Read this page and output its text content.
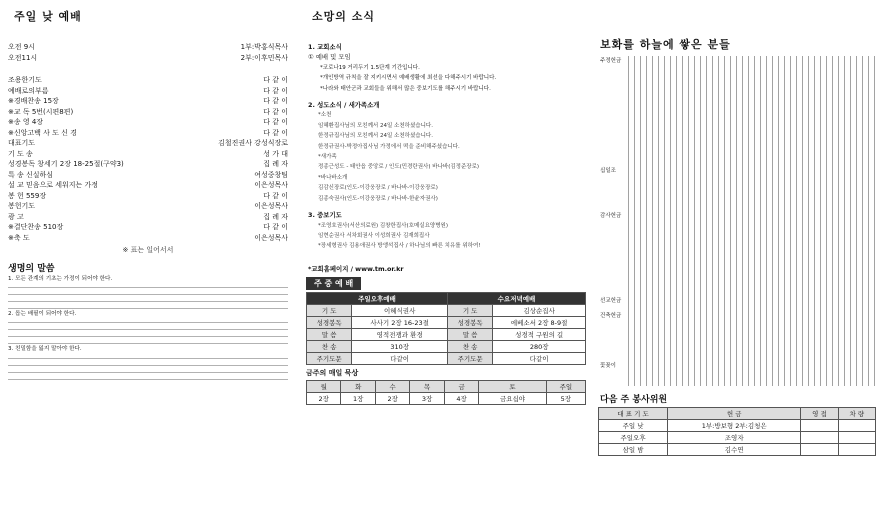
주일 낮 예배
오전 9시	1부:박홍식목사
오전11시	2부:이후민목사
조용한기도	다 같 이
예배로의부름	다 같 이
※경배찬송 15장	다 같 이
※교 독 5번(시편8편)	다 같 이
※송 영 4장	다 같 이
※신앙고백 사 도 신 경	다 같 이
대표기도	김철진권사 강성식장로
기 도 송	성 가 대
성경봉독 창세기 2장 18-25절(구약3)	집 례 자
특 송 신실하심	여성중창팀
설 교 믿음으로 세워지는 가정	이은성목사
봉 헌 559장	다 같 이
봉헌기도	이은성목사
광 고	집 례 자
※결단찬송 510장	다 같 이
※축 도	이은성목사
※ 표는 일어서서
생명의 말씀
1. 모든 관계의 기초는 가정이 되어야 한다.
2. 돕는 배필이 되어야 한다.
3. 친밀함을 잃지 말아야 한다.
소망의 소식
1. 교회소식
① 예배 및 모임
*코로나19 거리두기 1.5단계 기간입니다.
*개인방역 규칙을 잘 지키시면서 예배생활에 최선을 다해주시기 바랍니다.
*나라와 태안군과 교회들을 위해서 많은 중보기도를 해주시기 바랍니다.
2. 성도소식 / 새가족소개
*소천
임혜환집사님의 모친께서 24일 소천하셨습니다.
한정규집사님의 모친께서 24일 소천하셨습니다.
한정규권사-박정아집사님 가정에서 떡을 준비해주셨습니다.
*새가족
정종근성도 - 태안읍 중앙로 / 인도(민경란권사) 바나바(김정준장로)
*바나바소개
김감신장로(인도-이강웅장로 / 바나바-이강웅장로)
김종숙권사(인도-이강웅장로 / 바나바-한윤자권사)
3. 중보기도
*조영호권사(서산의료원) 김창한집사(호메실요양병원)
임현순권사 서차회권사 이성희권사 김재희집사
*장세형권사 김용애권사 방앵석집사 / 하나님의 빠른 치유를 위하여!
*교회홈페이지 / www.tm.or.kr
주 중 예 배
주일오후예배		수요저녁예배	
기 도	이혜식권사	기 도	김상순집사
성경봉독	사사기 2장 16-23절	성경봉독	에베소서 2장 8-9절
말 씀	영적전쟁과 환경	말 씀	성경적 구원의 길
찬 송	310장	찬 송	280장
주기도문	다같이	주기도문	다같이
금주의 매일 묵상
월	화	수	목	금	토	주일
2장	1장	2장	3장	4장	금요십야	5장
보화를 하늘에 쌓은 분들
주정헌금
십일조
감사헌금
선교헌금
건축헌금
꽃꽂이
다음 주 봉사위원
대 표 기 도	헌 금	영 접	차 량
주일 낮	1부:방보형 2부:김청은		
주일오후	조영자		
삼일 밤	김수연		
